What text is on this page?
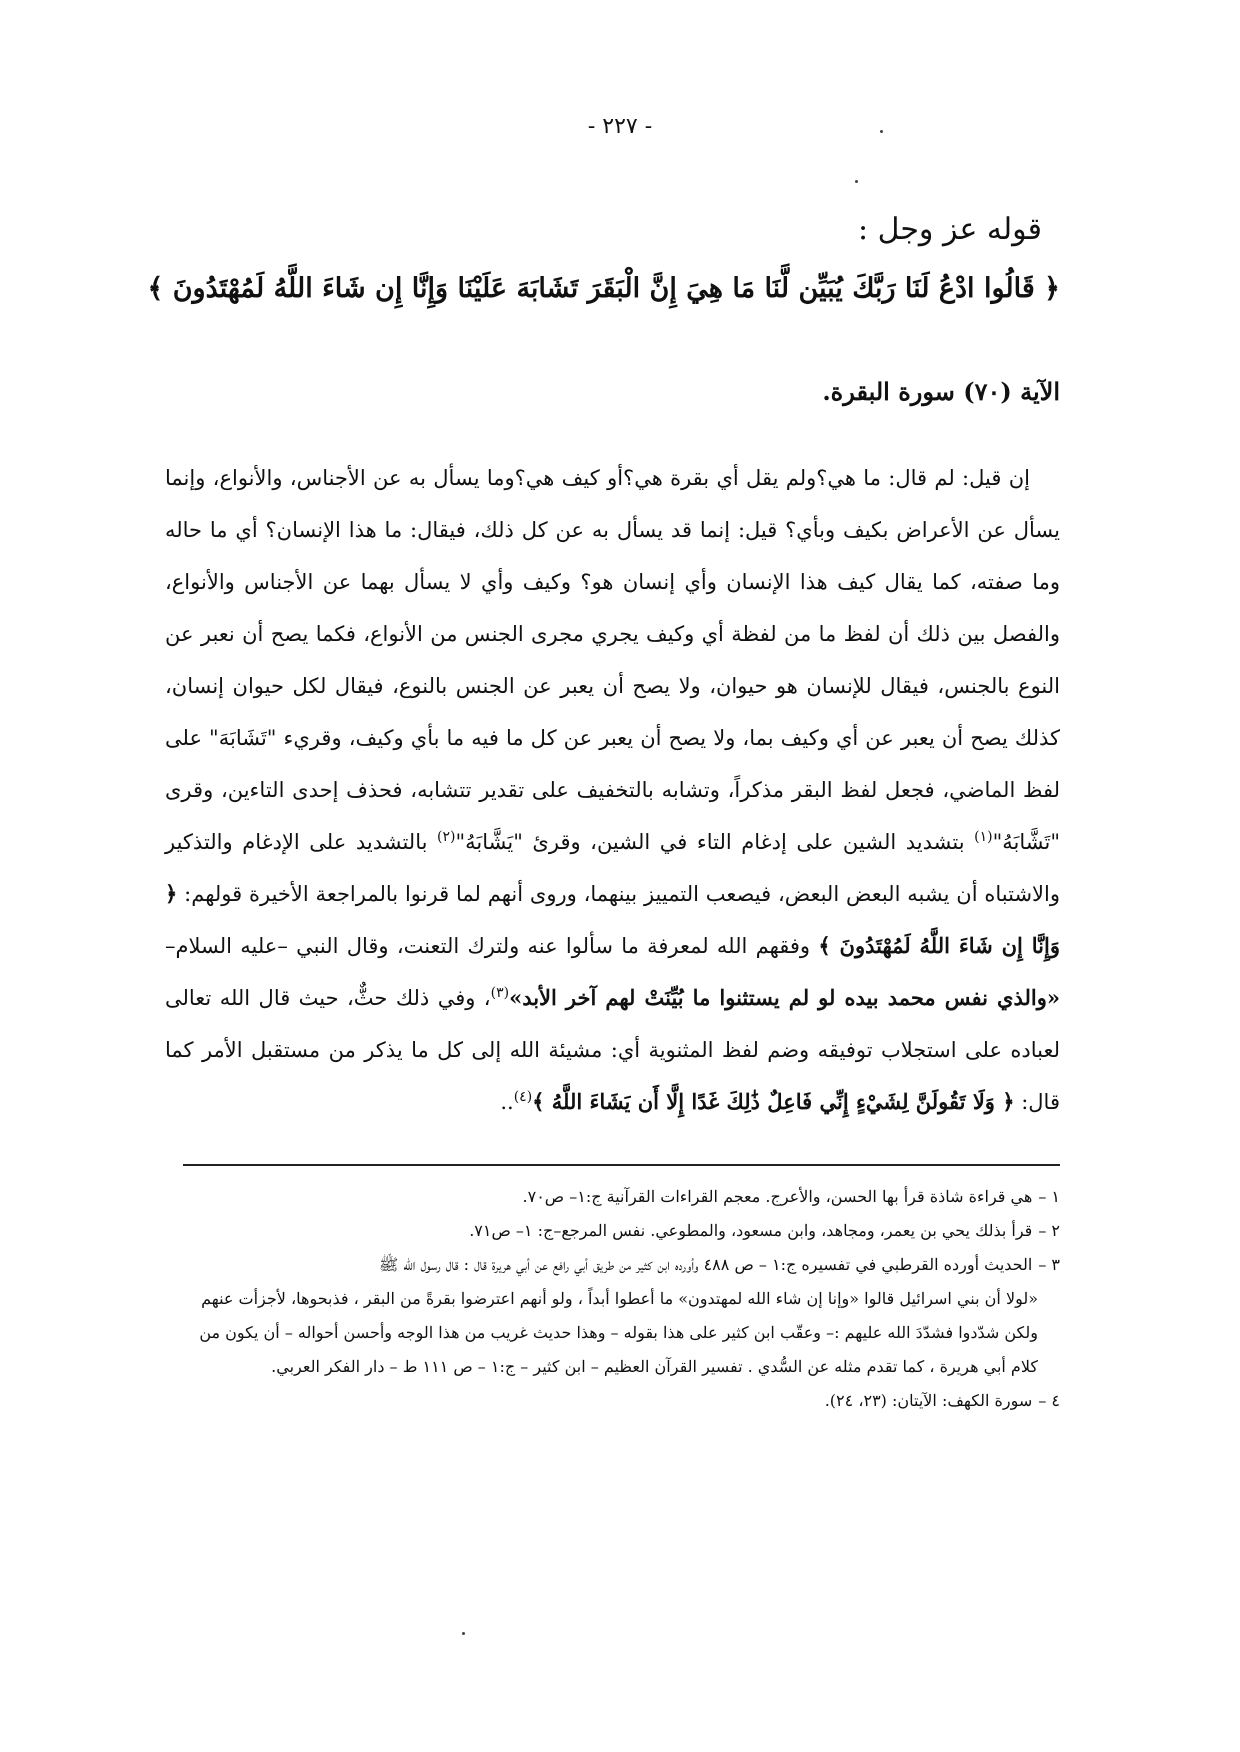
- ٢٢٧ -
قوله عز وجل :
﴿ قَالُوا ادْعُ لَنَا رَبَّكَ يُبَيِّن لَّنَا مَا هِيَ إِنَّ الْبَقَرَ تَشَابَهَ عَلَيْنَا وَإِنَّا إِن شَاءَ اللَّهُ لَمُهْتَدُونَ ﴾
الآية (٧٠) سورة البقرة.

إن قيل: لم قال: ما هي؟ولم يقل أي بقرة هي؟أو كيف هي؟وما يسأل به عن الأجناس، والأنواع، وإنما يسأل عن الأعراض بكيف وبأي؟ قيل: إنما قد يسأل به عن كل ذلك، فيقال: ما هذا الإنسان؟ أي ما حاله وما صفته، كما يقال كيف هذا الإنسان وأي إنسان هو؟ وكيف وأي لا يسأل بهما عن الأجناس والأنواع، والفصل بين ذلك أن لفظ ما من لفظة أي وكيف يجري مجرى الجنس من الأنواع، فكما يصح أن نعبر عن النوع بالجنس، فيقال للإنسان هو حيوان، ولا يصح أن يعبر عن الجنس بالنوع، فيقال لكل حيوان إنسان، كذلك يصح أن يعبر عن أي وكيف بما، ولا يصح أن يعبر عن كل ما فيه ما بأي وكيف، وقريء "تَشَابَهَ" على لفظ الماضي، فجعل لفظ البقر مذكراً، وتشابه بالتخفيف على تقدير تتشابه، فحذف إحدى التاءين، وقرى "تَشَّابَهُ"$^{(١)}$ بتشديد الشين على إدغام التاء في الشين، وقرئ "يَشَّابَهُ"$^{(٢)}$ بالتشديد على الإدغام والتذكير والاشتباه أن يشبه البعض البعض، فيصعب التمييز بينهما، وروى أنهم لما قرنوا بالمراجعة الأخيرة قولهم: ﴿ وَإِنَّا إِن شَاءَ اللَّهُ لَمُهْتَدُونَ ﴾ وفقهم الله لمعرفة ما سألوا عنه ولترك التعنت، وقال النبي –عليه السلام– «والذي نفس محمد بيده لو لم يستثنوا ما بُيِّنَتْ لهم آخر الأبد»$^{(٣)}$، وفي ذلك حثٌّ، حيث قال الله تعالى لعباده على استجلاب توفيقه وضم لفظ المثنوية أي: مشيئة الله إلى كل ما يذكر من مستقبل الأمر كما قال: ﴿ وَلَا تَقُولَنَّ لِشَيْءٍ إِنِّي فَاعِلٌ ذَٰلِكَ غَدًا إِلَّا أَن يَشَاءَ اللَّهُ ﴾$^{(٤)}$..

١ –هي قراءة شاذة قرأ بها الحسن، والأعرج. معجم القراءات القرآنية ج:١– ص٧٠.

٢ –قرأ بذلك يحي بن يعمر، ومجاهد، وابن مسعود، والمطوعي. نفس المرجع–ج: ١– ص٧١.

٣ –الحديث أورده القرطبي في تفسيره ج:١ – ص ٤٨٨ وأورده ابن كثير من طريق أبي رافع عن أبي هريرة قال : قال رسول الله ﷺ

«لولا أن بني اسرائيل قالوا «وإنا إن شاء الله لمهتدون» ما أعطوا أبداً ، ولو أنهم اعترضوا بقرةً من البقر ، فذبحوها، لأجزأت عنهم

ولكن شدّدوا فشدّدَ الله عليهم :– وعقّب ابن كثير على هذا بقوله – وهذا حديث غريب من هذا الوجه وأحسن أحواله – أن يكون من

كلام أبي هريرة ، كما تقدم مثله عن السُّدي . تفسير القرآن العظيم – ابن كثير – ج:١ – ص ١١١ ط – دار الفكر العربي.

٤ –سورة الكهف: الآيتان: (٢٣، ٢٤).
